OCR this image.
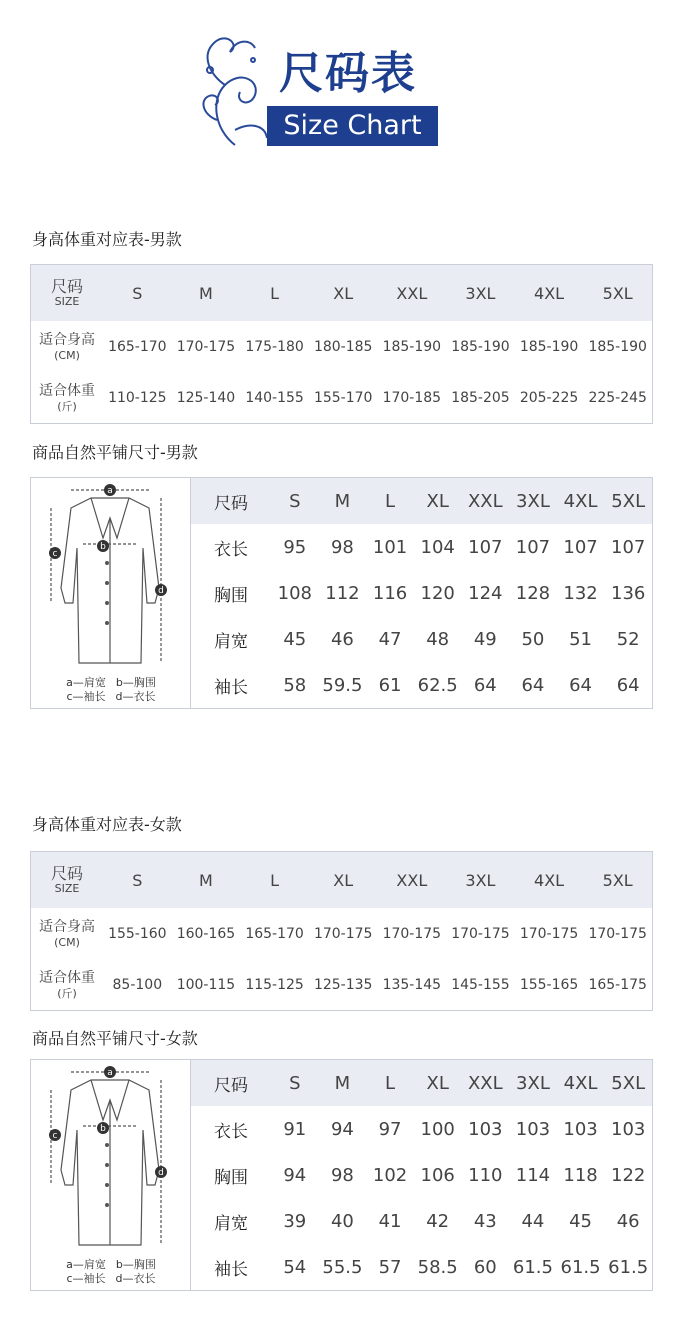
尺码表
Size Chart
身高体重对应表-男款
尺码
SIZE	S	M	L	XL	XXL	3XL	4XL	5XL
适合身高
(CM)	165-170	170-175	175-180	180-185	185-190	185-190	185-190	185-190
适合体重
(斤)	110-125	125-140	140-155	155-170	170-185	185-205	205-225	225-245
商品自然平铺尺寸-男款
a
b
c
d
a—肩宽 b—胸围
c—袖长 d—衣长
尺码	S	M	L	XL	XXL	3XL	4XL	5XL
衣长	95	98	101	104	107	107	107	107
胸围	108	112	116	120	124	128	132	136
肩宽	45	46	47	48	49	50	51	52
袖长	58	59.5	61	62.5	64	64	64	64
身高体重对应表-女款
尺码
SIZE	S	M	L	XL	XXL	3XL	4XL	5XL
适合身高
(CM)	155-160	160-165	165-170	170-175	170-175	170-175	170-175	170-175
适合体重
(斤)	85-100	100-115	115-125	125-135	135-145	145-155	155-165	165-175
商品自然平铺尺寸-女款
a
b
c
d
a—肩宽 b—胸围
c—袖长 d—衣长
尺码	S	M	L	XL	XXL	3XL	4XL	5XL
衣长	91	94	97	100	103	103	103	103
胸围	94	98	102	106	110	114	118	122
肩宽	39	40	41	42	43	44	45	46
袖长	54	55.5	57	58.5	60	61.5	61.5	61.5
